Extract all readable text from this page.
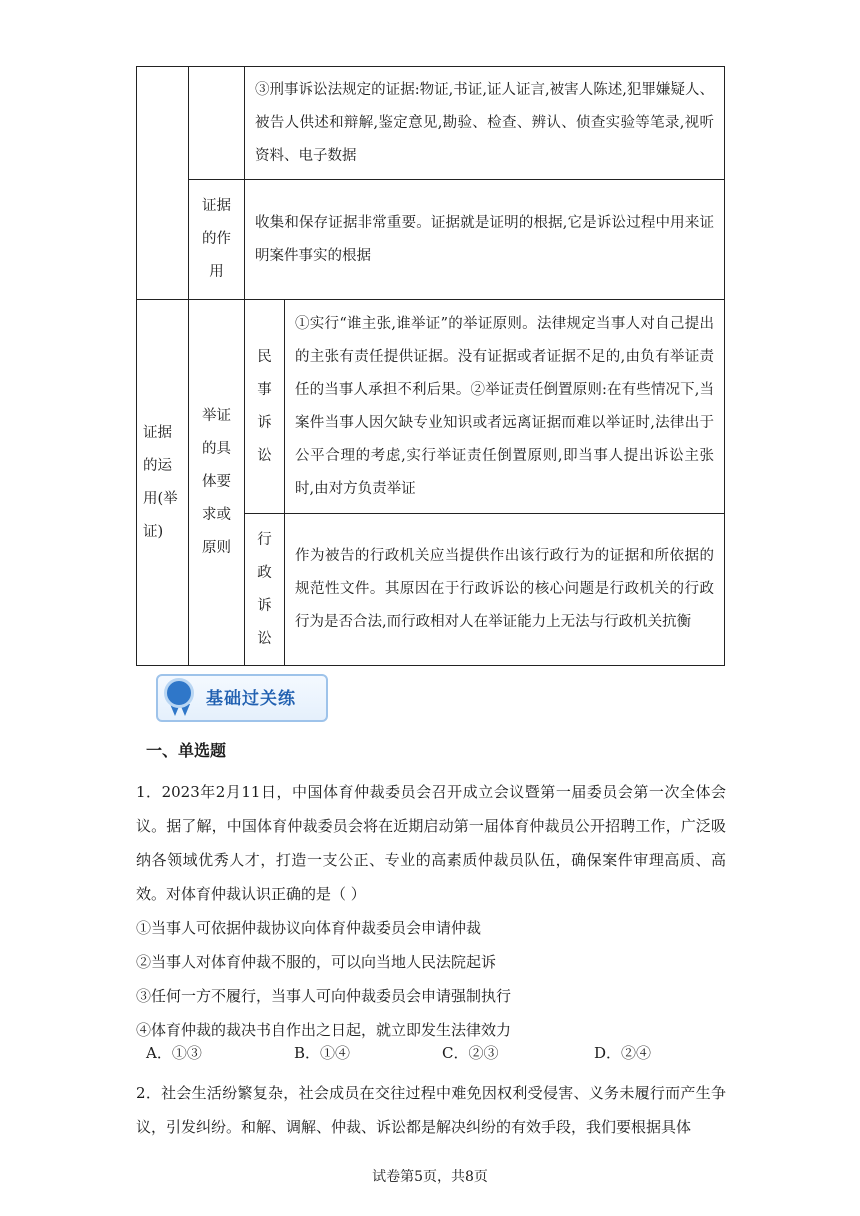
		③刑事诉讼法规定的证据:物证,书证,证人证言,被害人陈述,犯罪嫌疑人、被告人供述和辩解,鉴定意见,勘验、检查、辨认、侦查实验等笔录,视听资料、电子数据	

	证据的作用	收集和保存证据非常重要。证据就是证明的根据,它是诉讼过程中用来证明案件事实的根据	

证据的运用(举证)	举证的具体要求或原则	民事诉讼	①实行“谁主张,谁举证”的举证原则。法律规定当事人对自己提出的主张有责任提供证据。没有证据或者证据不足的,由负有举证责任的当事人承担不利后果。②举证责任倒置原则:在有些情况下,当案件当事人因欠缺专业知识或者远离证据而难以举证时,法律出于公平合理的考虑,实行举证责任倒置原则,即当事人提出诉讼主张时,由对方负责举证

		行政诉讼	作为被告的行政机关应当提供作出该行政行为的证据和所依据的规范性文件。其原因在于行政诉讼的核心问题是行政机关的行政行为是否合法,而行政相对人在举证能力上无法与行政机关抗衡
基础过关练
一、单选题

1．2023年2月11日，中国体育仲裁委员会召开成立会议暨第一届委员会第一次全体会议。据了解，中国体育仲裁委员会将在近期启动第一届体育仲裁员公开招聘工作，广泛吸纳各领域优秀人才，打造一支公正、专业的高素质仲裁员队伍，确保案件审理高质、高效。对体育仲裁认识正确的是（ ）

①当事人可依据仲裁协议向体育仲裁委员会申请仲裁

②当事人对体育仲裁不服的，可以向当地人民法院起诉

③任何一方不履行，当事人可向仲裁委员会申请强制执行

④体育仲裁的裁决书自作出之日起，就立即发生法律效力

A．①③	B．①④	C．②③	D．②④

2．社会生活纷繁复杂，社会成员在交往过程中难免因权利受侵害、义务未履行而产生争议，引发纠纷。和解、调解、仲裁、诉讼都是解决纠纷的有效手段，我们要根据具体

试卷第5页，共8页
